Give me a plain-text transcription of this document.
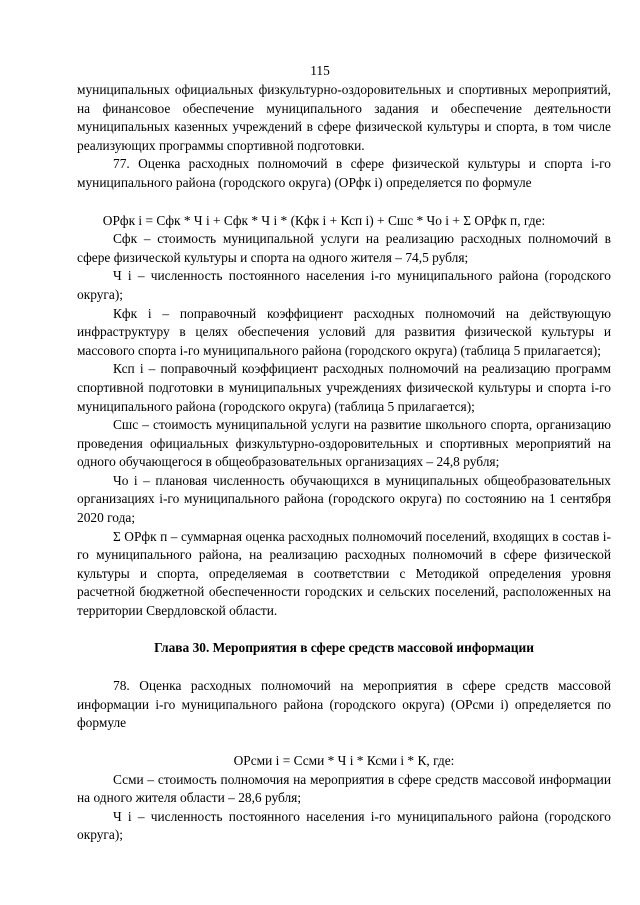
115

муниципальных официальных физкультурно-оздоровительных и спортивных мероприятий, на финансовое обеспечение муниципального задания и обеспечение деятельности муниципальных казенных учреждений в сфере физической культуры и спорта, в том числе реализующих программы спортивной подготовки.

77. Оценка расходных полномочий в сфере физической культуры и спорта i-го муниципального района (городского округа) (ОРфк i) определяется по формуле

ОРфк i = Сфк * Ч i + Сфк * Ч i * (Кфк i + Ксп i) + Сшс * Чо i + Σ ОРфк п, где:

Сфк – стоимость муниципальной услуги на реализацию расходных полномочий в сфере физической культуры и спорта на одного жителя – 74,5 рубля;

Ч i – численность постоянного населения i-го муниципального района (городского округа);

Кфк i – поправочный коэффициент расходных полномочий на действующую инфраструктуру в целях обеспечения условий для развития физической культуры и массового спорта i-го муниципального района (городского округа) (таблица 5 прилагается);

Ксп i – поправочный коэффициент расходных полномочий на реализацию программ спортивной подготовки в муниципальных учреждениях физической культуры и спорта i-го муниципального района (городского округа) (таблица 5 прилагается);

Сшс – стоимость муниципальной услуги на развитие школьного спорта, организацию проведения официальных физкультурно-оздоровительных и спортивных мероприятий на одного обучающегося в общеобразовательных организациях – 24,8 рубля;

Чо i – плановая численность обучающихся в муниципальных общеобразовательных организациях i-го муниципального района (городского округа) по состоянию на 1 сентября 2020 года;

Σ ОРфк п – суммарная оценка расходных полномочий поселений, входящих в состав i-го муниципального района, на реализацию расходных полномочий в сфере физической культуры и спорта, определяемая в соответствии с Методикой определения уровня расчетной бюджетной обеспеченности городских и сельских поселений, расположенных на территории Свердловской области.

Глава 30. Мероприятия в сфере средств массовой информации

78. Оценка расходных полномочий на мероприятия в сфере средств массовой информации i-го муниципального района (городского округа) (ОРсми i) определяется по формуле

ОРсми i = Ссми * Ч i * Ксми i * К, где:

Ссми – стоимость полномочия на мероприятия в сфере средств массовой информации на одного жителя области – 28,6 рубля;

Ч i – численность постоянного населения i-го муниципального района (городского округа);
